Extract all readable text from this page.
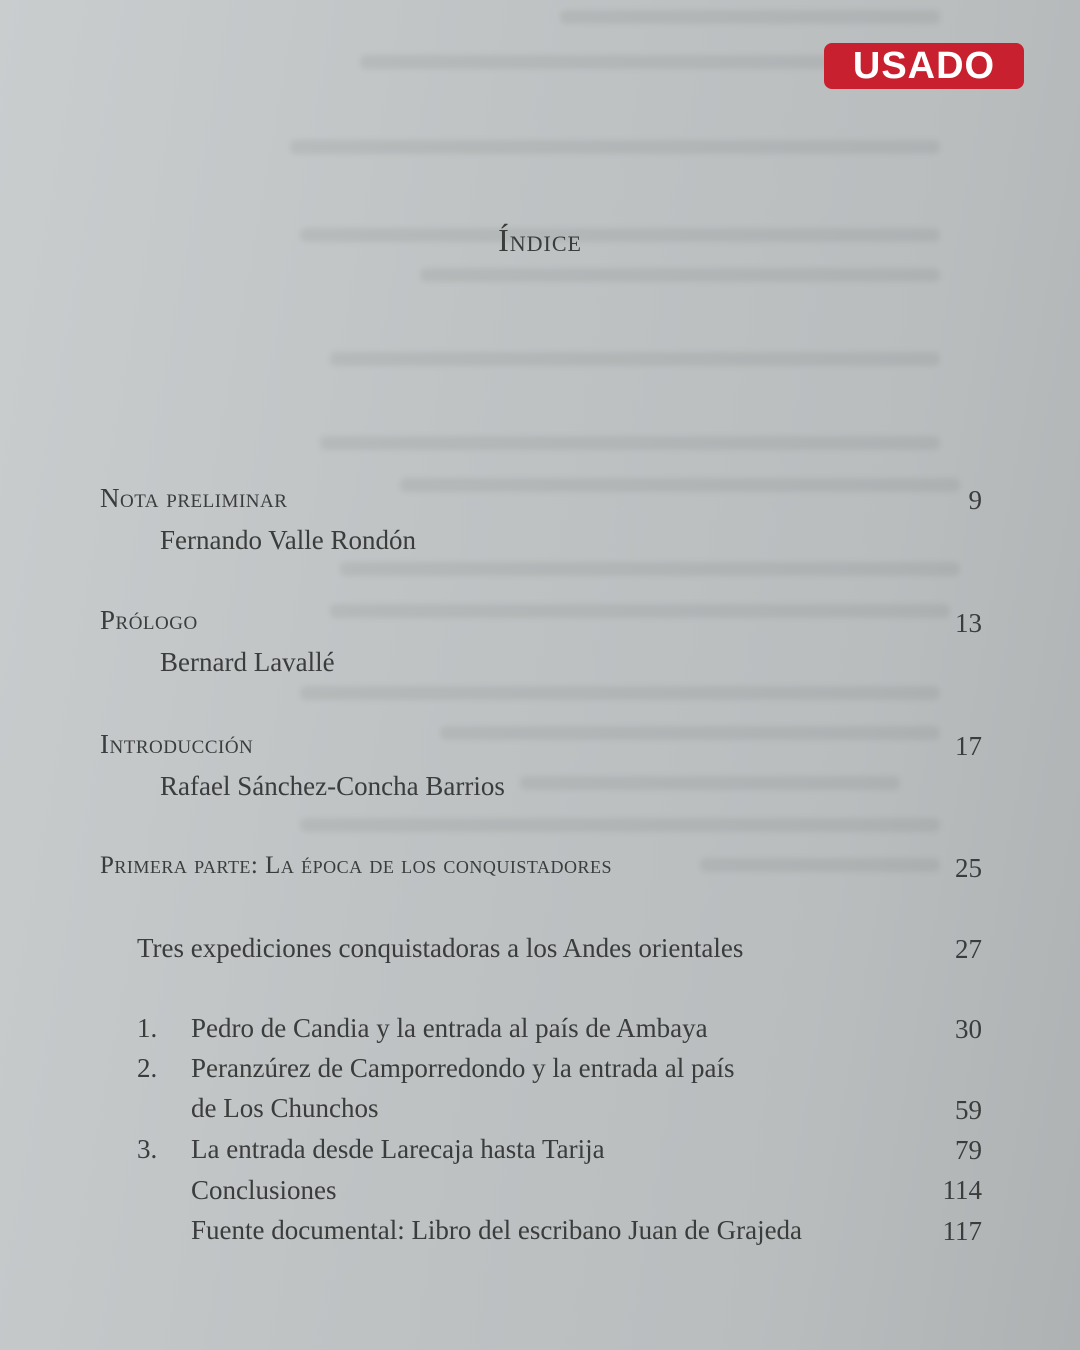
USADO
Índice
Nota preliminar	9
Fernando Valle Rondón
Prólogo	13
Bernard Lavallé
Introducción	17
Rafael Sánchez-Concha Barrios
Primera parte: La época de los conquistadores	25
Tres expediciones conquistadoras a los Andes orientales	27
1. Pedro de Candia y la entrada al país de Ambaya	30
2. Peranzúrez de Camporredondo y la entrada al país
de Los Chunchos	59
3. La entrada desde Larecaja hasta Tarija	79
Conclusiones	114
Fuente documental: Libro del escribano Juan de Grajeda	117
